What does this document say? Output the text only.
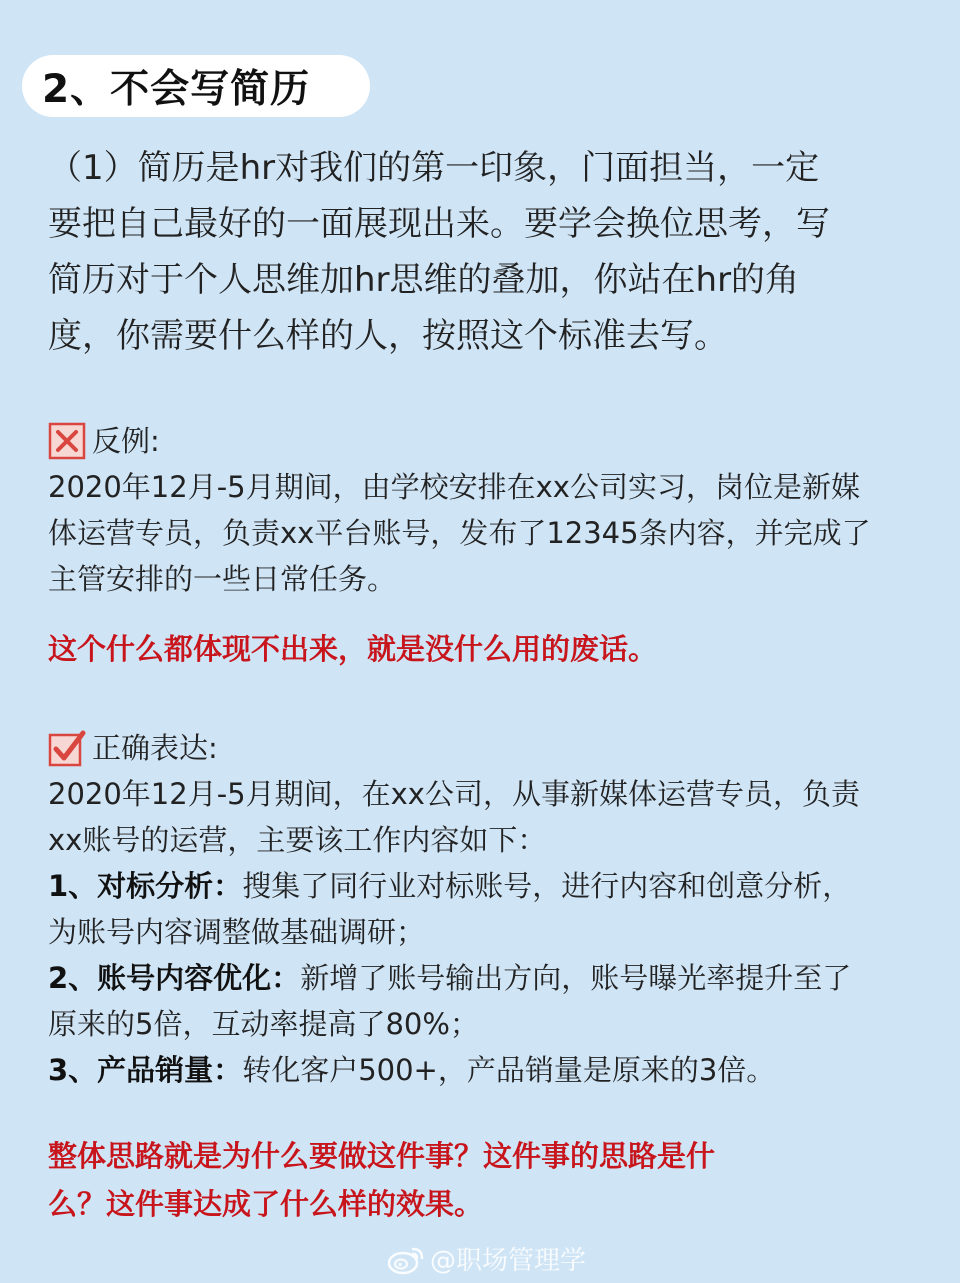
2、不会写简历

（1）简历是hr对我们的第一印象，门面担当，一定

要把自己最好的一面展现出来。要学会换位思考，写

简历对于个人思维加hr思维的叠加，你站在hr的角

度，你需要什么样的人，按照这个标准去写。

反例:

2020年12月-5月期间，由学校安排在xx公司实习，岗位是新媒

体运营专员，负责xx平台账号，发布了12345条内容，并完成了

主管安排的一些日常任务。

这个什么都体现不出来，就是没什么用的废话。

正确表达:

2020年12月-5月期间，在xx公司，从事新媒体运营专员，负责

xx账号的运营，主要该工作内容如下：

1、对标分析：搜集了同行业对标账号，进行内容和创意分析，

为账号内容调整做基础调研；

2、账号内容优化：新增了账号输出方向，账号曝光率提升至了

原来的5倍，互动率提高了80%；

3、产品销量：转化客户500+，产品销量是原来的3倍。

整体思路就是为什么要做这件事？这件事的思路是什

么？这件事达成了什么样的效果。

@职场管理学
